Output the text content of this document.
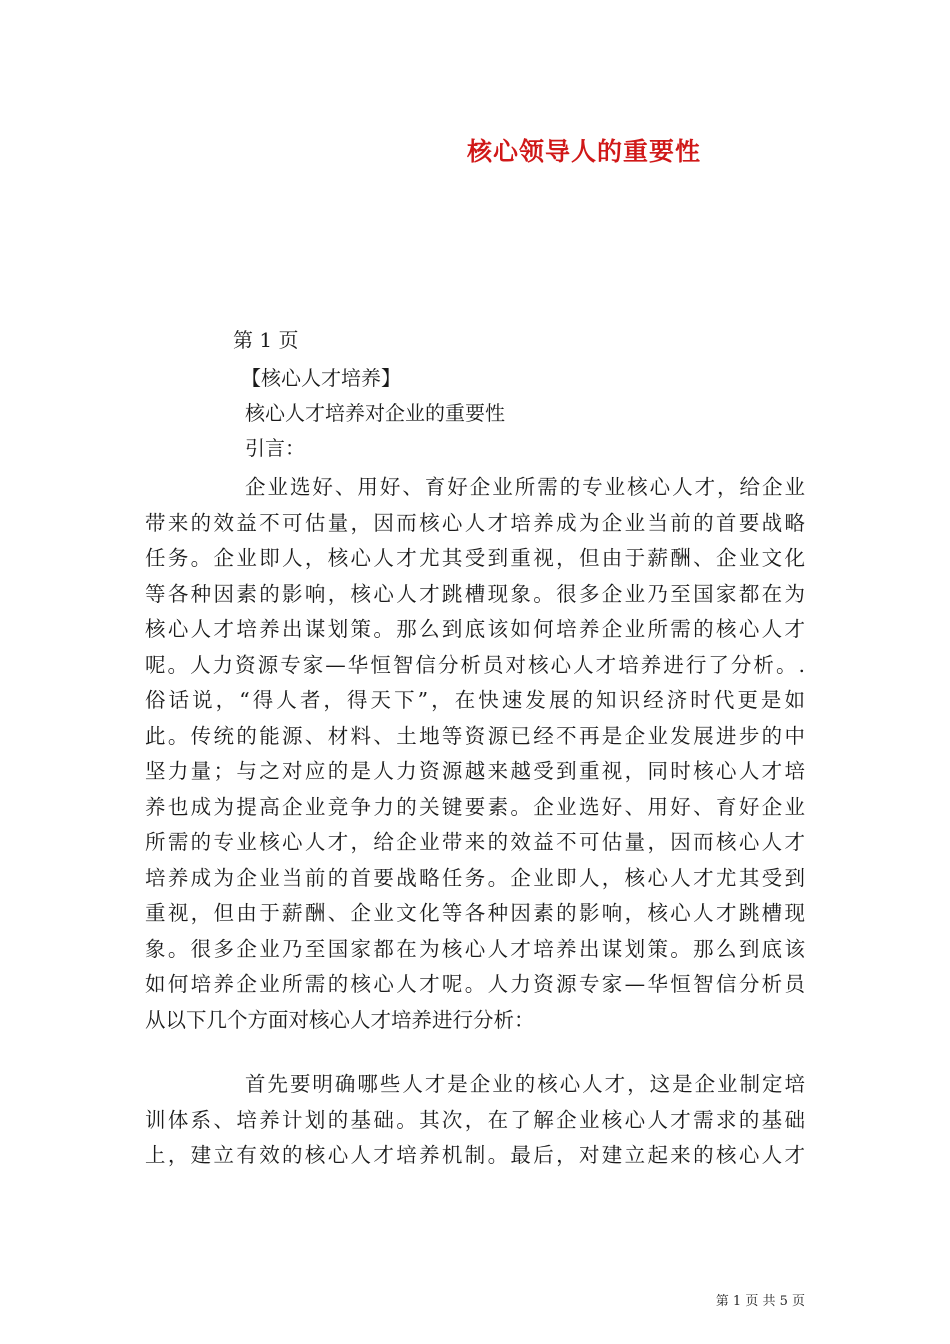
核心领导人的重要性
第 1 页
【核心人才培养】
核心人才培养对企业的重要性
引言：
企业选好、用好、育好企业所需的专业核心人才，给企业
带来的效益不可估量，因而核心人才培养成为企业当前的首要战略
任务。企业即人，核心人才尤其受到重视，但由于薪酬、企业文化
等各种因素的影响，核心人才跳槽现象。很多企业乃至国家都在为
核心人才培养出谋划策。那么到底该如何培养企业所需的核心人才
呢。人力资源专家—华恒智信分析员对核心人才培养进行了分析。.
俗话说，“得人者，得天下”，在快速发展的知识经济时代更是如
此。传统的能源、材料、土地等资源已经不再是企业发展进步的中
坚力量；与之对应的是人力资源越来越受到重视，同时核心人才培
养也成为提高企业竞争力的关键要素。企业选好、用好、育好企业
所需的专业核心人才，给企业带来的效益不可估量，因而核心人才
培养成为企业当前的首要战略任务。企业即人，核心人才尤其受到
重视，但由于薪酬、企业文化等各种因素的影响，核心人才跳槽现
象。很多企业乃至国家都在为核心人才培养出谋划策。那么到底该
如何培养企业所需的核心人才呢。人力资源专家—华恒智信分析员
从以下几个方面对核心人才培养进行分析：
首先要明确哪些人才是企业的核心人才，这是企业制定培
训体系、培养计划的基础。其次，在了解企业核心人才需求的基础
上，建立有效的核心人才培养机制。最后，对建立起来的核心人才
第 1 页 共 5 页
